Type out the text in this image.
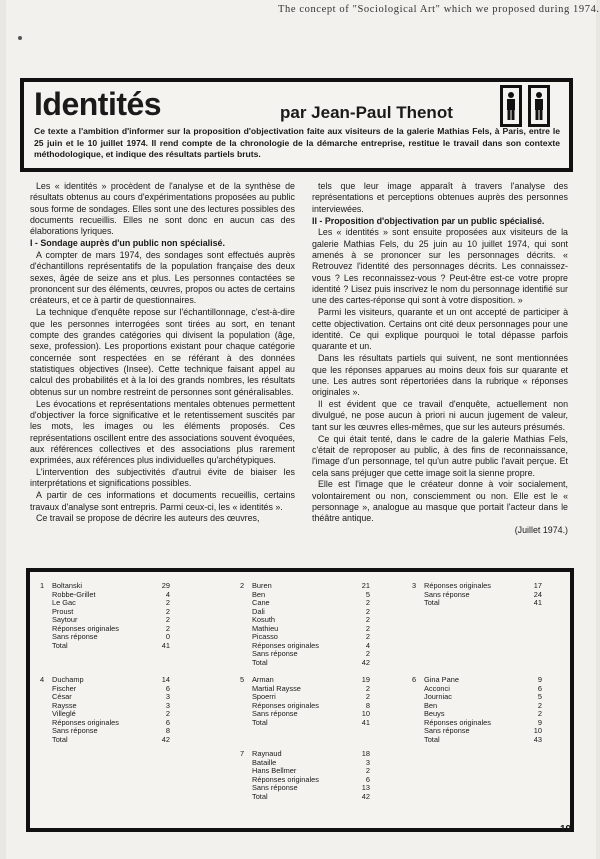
The concept of "Sociological Art" which we proposed during 1974.
Identités	par Jean-Paul Thenot
Ce texte a l'ambition d'informer sur la proposition d'objectivation faite aux visiteurs de la galerie Mathias Fels, à Paris, entre le 25 juin et le 10 juillet 1974. Il rend compte de la chronologie de la démarche entreprise, restitue le travail dans son contexte méthodologique, et indique des résultats partiels bruts.

Les « identités » procèdent de l'analyse et de la synthèse de résultats obtenus au cours d'expérimentations proposées au public sous forme de sondages. Elles sont une des lectures possibles des documents recueillis. Elles ne sont donc en aucun cas des élaborations lyriques.

I - Sondage auprès d'un public non spécialisé.

A compter de mars 1974, des sondages sont effectués auprès d'échantillons représentatifs de la population française des deux sexes, âgée de seize ans et plus. Les personnes contactées se prononcent sur des éléments, œuvres, propos ou actes de certains créateurs, et ce à partir de questionnaires.

La technique d'enquête repose sur l'échantillonnage, c'est-à-dire que les personnes interrogées sont tirées au sort, en tenant compte des grandes catégories qui divisent la population (âge, sexe, profession). Les proportions existant pour chaque catégorie concernée sont respectées en se référant à des données statistiques objectives (Insee). Cette technique faisant appel au calcul des probabilités et à la loi des grands nombres, les résultats obtenus sur un nombre restreint de personnes sont généralisables.

Les évocations et représentations mentales obtenues permettent d'objectiver la force significative et le retentissement suscités par les mots, les images ou les éléments proposés. Ces représentations oscillent entre des associations souvent évoquées, aux références collectives et des associations plus rarement exprimées, aux références plus individuelles qu'archétypiques.

L'intervention des subjectivités d'autrui évite de biaiser les interprétations et significations possibles.

A partir de ces informations et documents recueillis, certains travaux d'analyse sont entrepris. Parmi ceux-ci, les « identités ».

Ce travail se propose de décrire les auteurs des œuvres,

tels que leur image apparaît à travers l'analyse des représentations et perceptions obtenues auprès des personnes interviewées.

II - Proposition d'objectivation par un public spécialisé.

Les « identités » sont ensuite proposées aux visiteurs de la galerie Mathias Fels, du 25 juin au 10 juillet 1974, qui sont amenés à se prononcer sur les personnages décrits. « Retrouvez l'identité des personnages décrits. Les connaissez-vous ? Les reconnaissez-vous ? Peut-être est-ce votre propre identité ? Lisez puis inscrivez le nom du personnage identifié sur une des cartes-réponse qui sont à votre disposition. »

Parmi les visiteurs, quarante et un ont accepté de participer à cette objectivation. Certains ont cité deux personnages pour une identité. Ce qui explique pourquoi le total dépasse parfois quarante et un.

Dans les résultats partiels qui suivent, ne sont mentionnées que les réponses apparues au moins deux fois sur quarante et une. Les autres sont répertoriées dans la rubrique « réponses originales ».

Il est évident que ce travail d'enquête, actuellement non divulgué, ne pose aucun à priori ni aucun jugement de valeur, tant sur les œuvres elles-mêmes, que sur les auteurs présumés.

Ce qui était tenté, dans le cadre de la galerie Mathias Fels, c'était de reproposer au public, à des fins de reconnaissance, l'image d'un personnage, tel qu'un autre public l'avait perçue. Et cela sans préjuger que cette image soit la sienne propre.

Elle est l'image que le créateur donne à voir socialement, volontairement ou non, consciemment ou non. Elle est le « personnage », analogue au masque que portait l'acteur dans le théâtre antique.

(Juillet 1974.)

1 Boltanski
Robbe-Grillet
Le Gac
Proust
Saytour
Réponses originales
Sans réponse
Total
29
4
2
2
2
2
0
41
2 Buren
Ben
Cane
Dali
Kosuth
Mathieu
Picasso
Réponses originales
Sans réponse
Total
21
5
2
2
2
2
2
4
2
42
3 Réponses originales
Sans réponse
Total
17
24
41
4 Duchamp
Fischer
César
Raysse
Villeglé
Réponses originales
Sans réponse
Total
14
6
3
3
2
6
8
42
5 Arman
Martial Raysse
Spoerri
Réponses originales
Sans réponse
Total
19
2
2
8
10
41
6 Gina Pane
Acconci
Journiac
Ben
Beuys
Réponses originales
Sans réponse
Total
9
6
5
2
2
9
10
43
7 Raynaud
Bataille
Hans Bellmer
Réponses originales
Sans réponse
Total
18
3
2
6
13
42
19
